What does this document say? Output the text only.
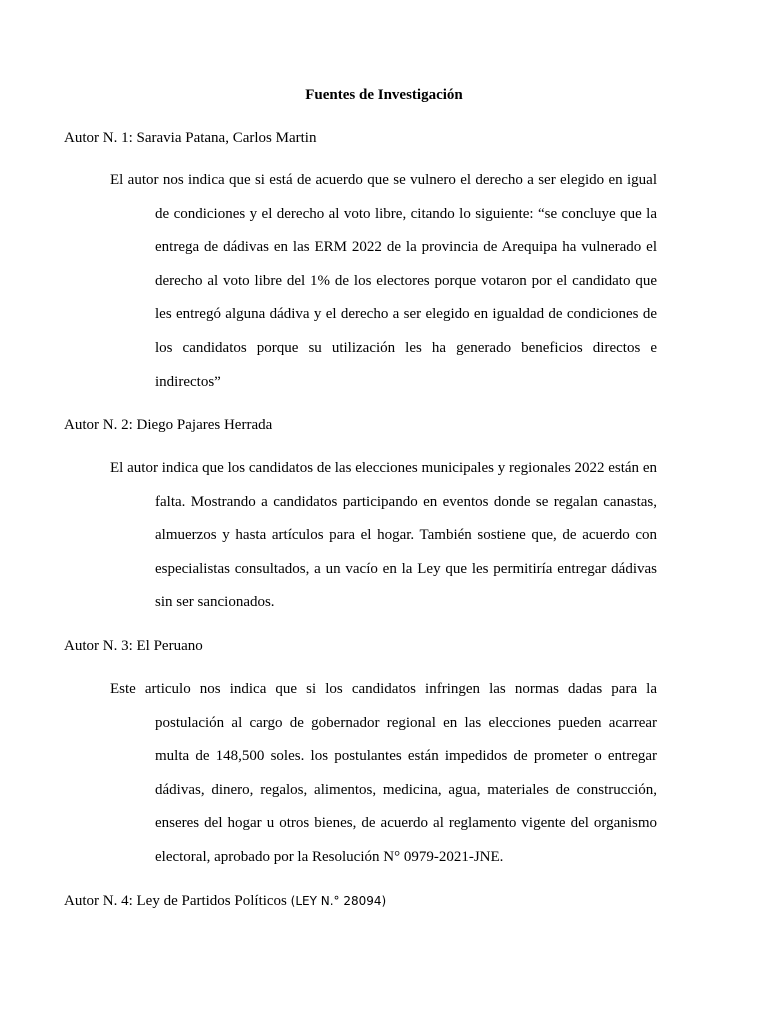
Fuentes de Investigación
Autor N. 1: Saravia Patana, Carlos Martin
El autor nos indica que si está de acuerdo que se vulnero el derecho a ser elegido en igual de condiciones y el derecho al voto libre, citando lo siguiente: “se concluye que la entrega de dádivas en las ERM 2022 de la provincia de Arequipa ha vulnerado el derecho al voto libre del 1% de los electores porque votaron por el candidato que les entregó alguna dádiva y el derecho a ser elegido en igualdad de condiciones de los candidatos porque su utilización les ha generado beneficios directos e indirectos”
Autor N. 2: Diego Pajares Herrada
El autor indica que los candidatos de las elecciones municipales y regionales 2022 están en falta. Mostrando a candidatos participando en eventos donde se regalan canastas, almuerzos y hasta artículos para el hogar. También sostiene que, de acuerdo con especialistas consultados, a un vacío en la Ley que les permitiría entregar dádivas sin ser sancionados.
Autor N. 3: El Peruano
Este articulo nos indica que si los candidatos infringen las normas dadas para la postulación al cargo de gobernador regional en las elecciones pueden acarrear multa de 148,500 soles. los postulantes están impedidos de prometer o entregar dádivas, dinero, regalos, alimentos, medicina, agua, materiales de construcción, enseres del hogar u otros bienes, de acuerdo al reglamento vigente del organismo electoral, aprobado por la Resolución N° 0979-2021-JNE.
Autor N. 4: Ley de Partidos Políticos (LEY N.° 28094)
